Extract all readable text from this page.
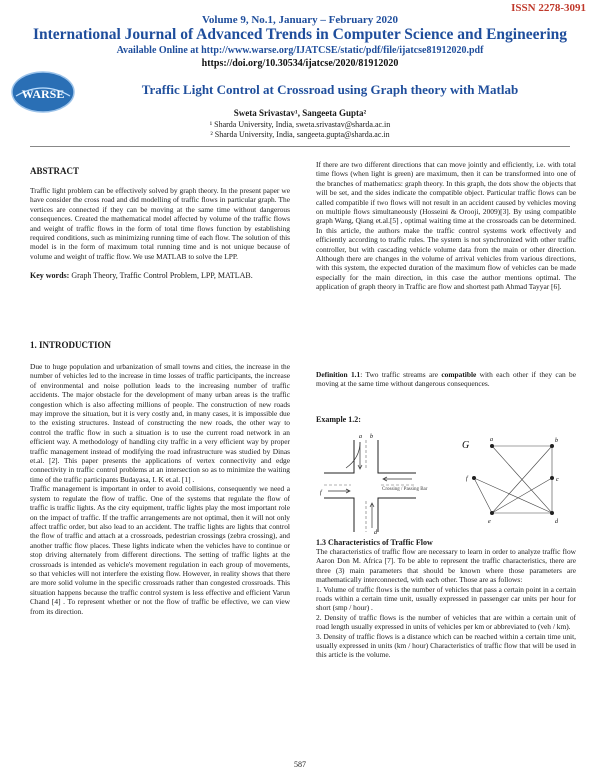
ISSN 2278-3091
Volume 9, No.1, January – February 2020
International Journal of Advanced Trends in Computer Science and Engineering
Available Online at http://www.warse.org/IJATCSE/static/pdf/file/ijatcse81912020.pdf
https://doi.org/10.30534/ijatcse/2020/81912020
WARSE	Traffic Light Control at Crossroad using Graph theory with Matlab
Sweta Srivastav¹, Sangeeta Gupta²
¹ Sharda University, India, sweta.srivastav@sharda.ac.in
² Sharda University, India, sangeeta.gupta@sharda.ac.in
ABSTRACT

Traffic light problem can be effectively solved by graph theory. In the present paper we have consider the cross road and did modelling of traffic flows in particular graph. The vertices are connected if they can be moving at the same time without dangerous consequences. Created the mathematical model affected by volume of the traffic flows and weight of traffic flows in the form of total time flows function by establishing required conditions, such as minimizing running time of each flow. The solution of this model is in the form of maximum total running time and is not unique because of volume and weight of traffic flow. We use MATLAB to solve the LPP.

Key words: Graph Theory, Traffic Control Problem, LPP, MATLAB.

1. INTRODUCTION

Due to huge population and urbanization of small towns and cities, the increase in the number of vehicles led to the increase in time losses of traffic participants, the increase of environmental and noise pollution leads to the increasing number of traffic accidents. The major obstacle for the development of many urban areas is the traffic congestion which is also affecting millions of people. The construction of new roads may improve the situation, but it is very costly and, in many cases, it is impossible due to the existing structures. Instead of constructing the new roads, the other way to control the traffic flow in such a situation is to use the current road network in an efficient way. A methodology of handling city traffic in a very efficient way by proper traffic management instead of modifying the road infrastructure was studied by Dinas et.al. [2]. This paper presents the applications of vertex connectivity and edge connectivity in traffic control problems at an intersection so as to minimize the waiting time of the traffic participants Budayasa, I. K et.al. [1] .

Traffic management is important in order to avoid collisions, consequently we need a system to regulate the flow of traffic. One of the systems that regulate the flow of traffic is traffic lights. As the city equipment, traffic lights play the most important role on the impact of traffic. If the traffic arrangements are not optimal, then it will not only affect traffic order, but also lead to an accident. The traffic lights are lights that control the flow of traffic and attach at a crossroads, pedestrian crossings (zebra crossing), and another traffic flow places. These lights indicate when the vehicles have to continue or stop driving alternately from different directions. The setting of traffic lights at the crossroads is intended as vehicle's movement regulation in each group of movements, so that vehicles will not interfere the existing flow. However, in reality shows that there are more solid volume in the specific crossroads rather than congested crossroads. This situation happens because the traffic control system is less effective and efficient Varun Chand [4] . To represent whether or not the flow of traffic be effective, we can view from its direction.

If there are two different directions that can move jointly and efficiently, i.e. with total time flows (when light is green) are maximum, then it can be transformed into one of the branches of mathematics: graph theory. In this graph, the dots show the objects that will be set, and the sides indicate the compatible object. Particular traffic flows can be called compatible if two flows will not result in an accident caused by vehicles moving on multiple flows simultaneously (Hosseini & Orooji, 2009)[3]. By using compatible graph Wang, Qiang et.al.[5] , optimal waiting time at the crossroads can be determined. In this article, the authors make the traffic control systems work effectively and efficiently according to traffic rules. The system is not synchronized with other traffic controller, but with cascading vehicle volume data from the main or other direction. Although there are changes in the volume of arrival vehicles from various directions, with this system, the expected duration of the maximum flow of vehicles can be made especially for the main direction, in this case the author mentions optimal. The application of graph theory in Traffic are flow and shortest path Ahmad Tayyar [6].

Definition 1.1: Two traffic streams are compatible with each other if they can be moving at the same time without dangerous consequences.

Example 1.2:
a b
f
d
Crossing / Passing Bar
G	a	b
c
d
e
f
1.3 Characteristics of Traffic Flow

The characteristics of traffic flow are necessary to learn in order to analyze traffic flow Aaron Don M. Africa [7]. To be able to represent the traffic characteristics, there are three (3) main parameters that should be known where those parameters are mathematically interconnected, with each other. Those are as follows:

1. Volume of traffic flows is the number of vehicles that pass a certain point in a certain roads within a certain time unit, usually expressed in passenger car units per hour for short (smp / hour) .

2. Density of traffic flows is the number of vehicles that are within a certain unit of road length usually expressed in units of vehicles per km or abbreviated to (veh / km).

3. Density of traffic flows is a distance which can be reached within a certain time unit, usually expressed in units (km / hour) Characteristics of traffic flow that will be used in this article is the volume.

587
